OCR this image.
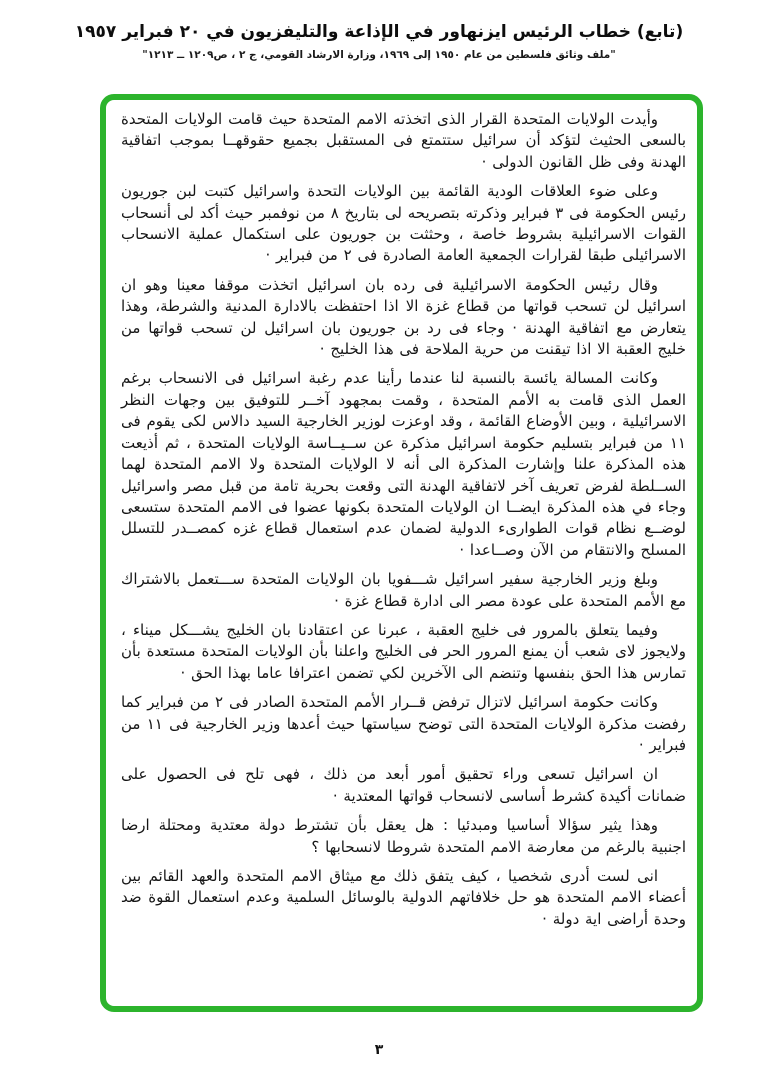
(تابع) خطاب الرئيس ايزنهاور في الإذاعة والتليفزيون في ٢٠ فبراير ١٩٥٧
"ملف وثائق فلسطين من عام ١٩٥٠ إلى ١٩٦٩، وزارة الارشاد القومي، ج ٢ ، ص١٢٠٩ ــ ١٢١٣"

وأيدت الولايات المتحدة القرار الذى اتخذته الامم المتحدة حيث قامت الولايات المتحدة بالسعى الحثيث لتؤكد أن سرائيل ستتمتع فى المستقبل بجميع حقوقهــا بموجب اتفاقية الهدنة وفى ظل القانون الدولى ·

وعلى ضوء العلاقات الودية القائمة بين الولايات التحدة واسرائيل كتبت لبن جوريون رئيس الحكومة فى ٣ فبراير وذكرته بتصريحه لى بتاريخ ٨ من نوفمبر حيث أكد لى أنسحاب القوات الاسرائيلية بشروط خاصة ، وحثثت بن جوريون على استكمال عملية الانسحاب الاسرائيلى طبقا لقرارات الجمعية العامة الصادرة فى ٢ من فبراير ·

وقال رئيس الحكومة الاسرائيلية فى رده بان اسرائيل اتخذت موقفا معينا وهو ان اسرائيل لن تسحب قواتها من قطاع غزة الا اذا احتفظت بالادارة المدنية والشرطة، وهذا يتعارض مع اتفاقية الهدنة · وجاء فى رد بن جوريون بان اسرائيل لن تسحب قواتها من خليج العقبة الا اذا تيقنت من حرية الملاحة فى هذا الخليج ·

وكانت المسالة يائسة بالنسبة لنا عندما رأينا عدم رغبة اسرائيل فى الانسحاب برغم العمل الذى قامت به الأمم المتحدة ، وقمت بمجهود آخــر للتوفيق بين وجهات النظر الاسرائيلية ، وبين الأوضاع القائمة ، وقد اوعزت لوزير الخارجية السيد دالاس لكى يقوم فى ١١ من فبراير بتسليم حكومة اسرائيل مذكرة عن ســيــاسة الولايات المتحدة ، ثم أذيعت هذه المذكرة علنا وإشارت المذكرة الى أنه لا الولايات المتحدة ولا الامم المتحدة لهما الســلطة لفرض تعريف آخر لاتفاقية الهدنة التى وقعت بحرية تامة من قبل مصر واسرائيل وجاء في هذه المذكرة ايضــا ان الولايات المتحدة بكونها عضوا فى الامم المتحدة ستسعى لوضــع نظام قوات الطوارىء الدولية لضمان عدم استعمال قطاع غزه كمصــدر للتسلل المسلح والانتقام من الآن وصــاعدا ·

وبلغ وزير الخارجية سفير اسرائيل شـــفويا بان الولايات المتحدة ســـتعمل بالاشتراك مع الأمم المتحدة على عودة مصر الى ادارة قطاع غزة ·

وفيما يتعلق بالمرور فى خليج العقبة ، عبرنا عن اعتقادنا بان الخليج يشـــكل ميناء ، ولايجوز لاى شعب أن يمنع المرور الحر فى الخليج واعلنا بأن الولايات المتحدة مستعدة بأن تمارس هذا الحق بنفسها وتنضم الى الآخرين لكي تضمن اعترافا عاما بهذا الحق ·

وكانت حكومة اسرائيل لاتزال ترفض قــرار الأمم المتحدة الصادر فى ٢ من فبراير كما رفضت مذكرة الولايات المتحدة التى توضح سياستها حيث أعدها وزير الخارجية فى ١١ من فبراير ·

ان اسرائيل تسعى وراء تحقيق أمور أبعد من ذلك ، فهى تلح فى الحصول على ضمانات أكيدة كشرط أساسى لانسحاب قواتها المعتدية ·

وهذا يثير سؤالا أساسيا ومبدئيا : هل يعقل بأن تشترط دولة معتدية ومحتلة ارضا اجنبية بالرغم من معارضة الامم المتحدة شروطا لانسحابها ؟

انى لست أدرى شخصيا ، كيف يتفق ذلك مع ميثاق الامم المتحدة والعهد القائم بين أعضاء الامم المتحدة هو حل خلافاتهم الدولية بالوسائل السلمية وعدم استعمال القوة ضد وحدة أراضى اية دولة ·

٣
